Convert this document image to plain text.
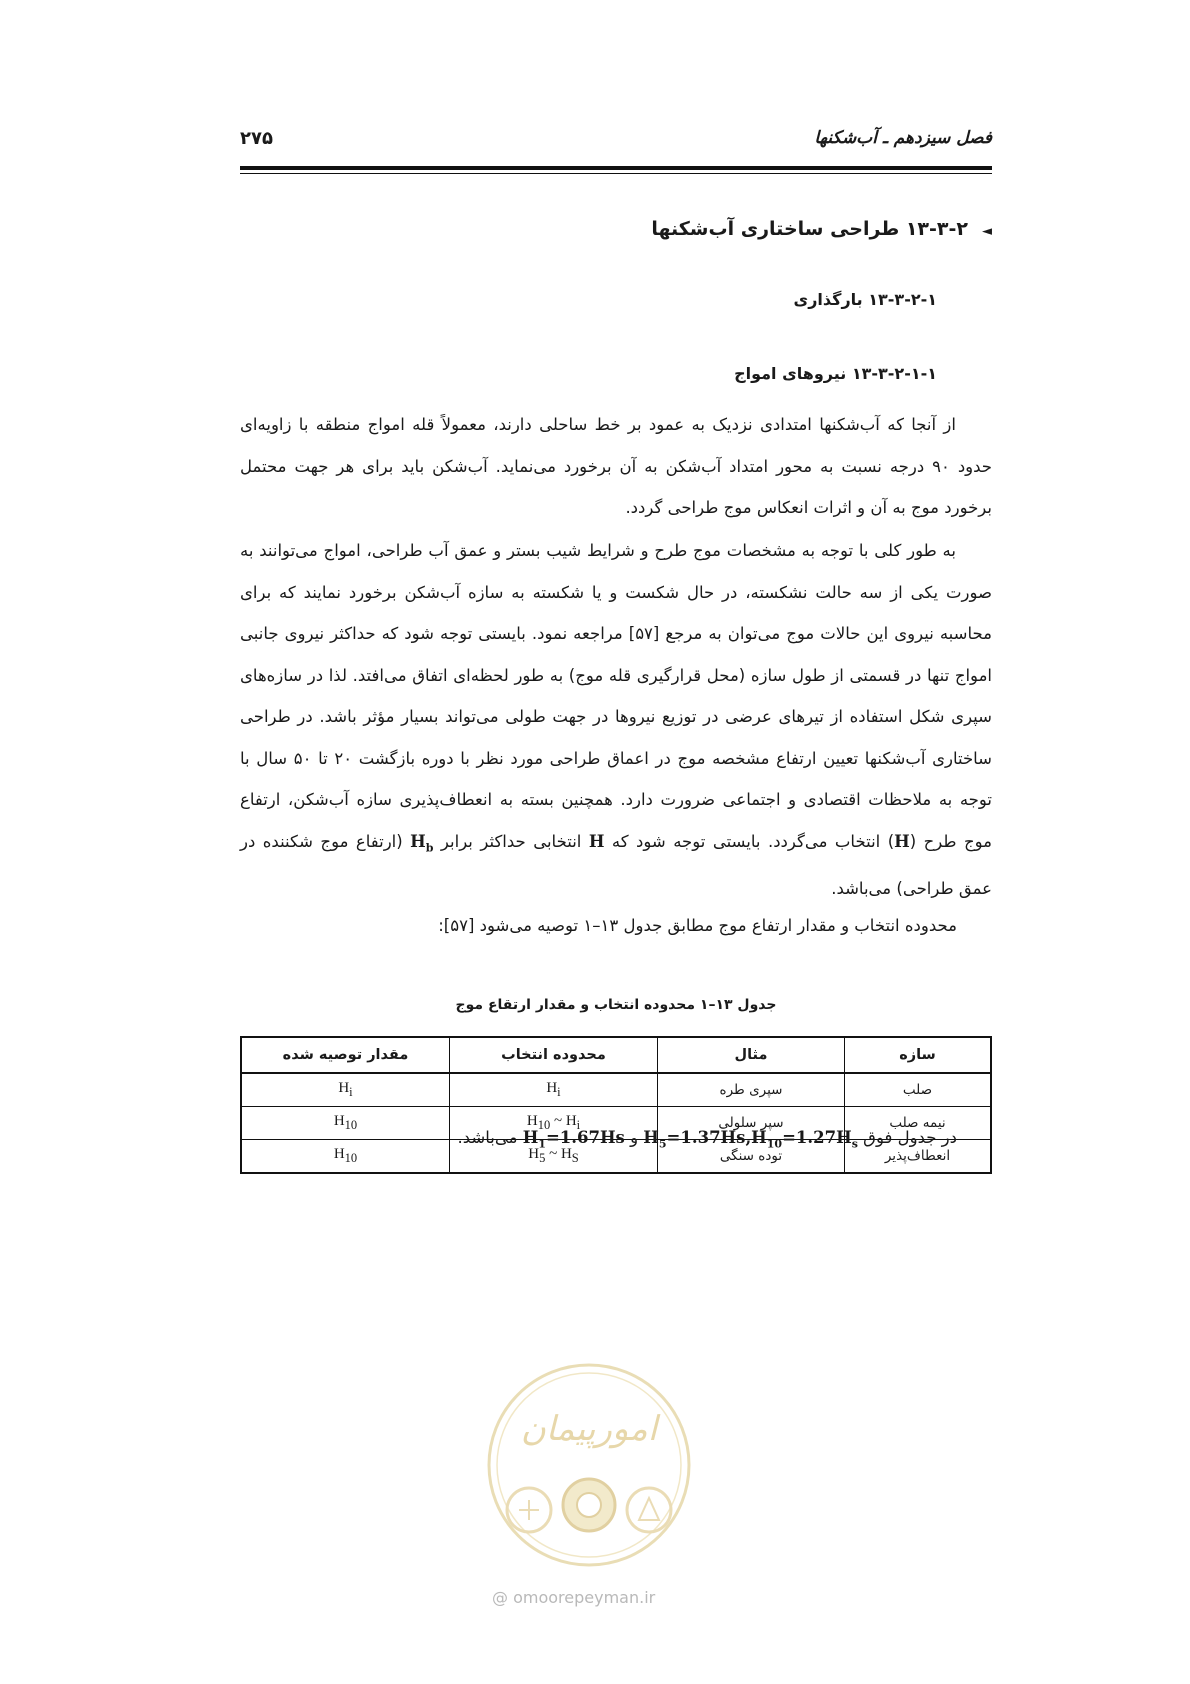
فصل سیزدهم ـ آب‌شکنها
۲۷۵
◄۱۳-۳-۲ طراحی ساختاری آب‌شکنها
۱۳-۳-۲-۱ بارگذاری
۱۳-۳-۲-۱-۱ نیروهای امواج

از آنجا که آب‌شکنها امتدادی نزدیک به عمود بر خط ساحلی دارند، معمولاً قله امواج منطقه با زاویه‌ای حدود ۹۰ درجه نسبت به محور امتداد آب‌شکن به آن برخورد می‌نماید. آب‌شکن باید برای هر جهت محتمل برخورد موج به آن و اثرات انعکاس موج طراحی گردد.

به طور کلی با توجه به مشخصات موج طرح و شرایط شیب بستر و عمق آب طراحی، امواج می‌توانند به صورت یکی از سه حالت نشکسته، در حال شکست و یا شکسته به سازه آب‌شکن برخورد نمایند که برای محاسبه نیروی این حالات موج می‌توان به مرجع [۵۷] مراجعه نمود. بایستی توجه شود که حداکثر نیروی جانبی امواج تنها در قسمتی از طول سازه (محل قرارگیری قله موج) به طور لحظه‌ای اتفاق می‌افتد. لذا در سازه‌های سپری شکل استفاده از تیرهای عرضی در توزیع نیروها در جهت طولی می‌تواند بسیار مؤثر باشد. در طراحی ساختاری آب‌شکنها تعیین ارتفاع مشخصه موج در اعماق طراحی مورد نظر با دوره بازگشت ۲۰ تا ۵۰ سال با توجه به ملاحظات اقتصادی و اجتماعی ضرورت دارد. همچنین بسته به انعطاف‌پذیری سازه آب‌شکن، ارتفاع موج طرح (H) انتخاب می‌گردد. بایستی توجه شود که H انتخابی حداکثر برابر $H_b$ (ارتفاع موج شکننده در عمق طراحی) می‌باشد.

محدوده انتخاب و مقدار ارتفاع موج مطابق جدول ۱۳–۱ توصیه می‌شود [۵۷]:

جدول ۱۳–۱ محدوده انتخاب و مقدار ارتقاع موج
سازه	مثال	محدوده انتخاب	مقدار توصیه شده
صلب	سپری طره	$H_i$	$H_i$
نیمه صلب	سپر سلولی	$H_{10}$ ~ $H_i$	$H_{10}$
انعطاف‌پذیر	توده سنگی	$H_5$ ~ $H_S$	$H_{10}$
در جدول فوق $H_5=1.37Hs,H_{10}=1.27H_s$ و $H_1=1.67Hs$ می‌باشد.
امورپیمان
@ omoorepeyman.ir
